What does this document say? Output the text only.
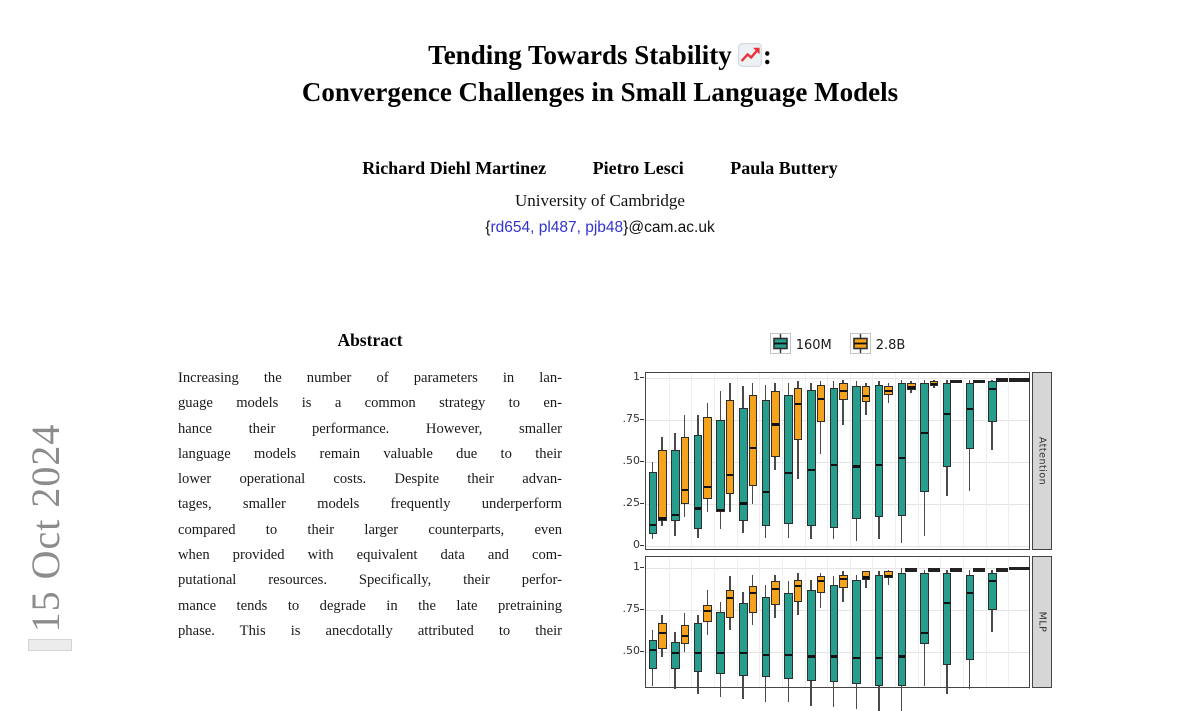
Tending Towards Stability :
Convergence Challenges in Small Language Models
Richard Diehl Martinez	Pietro Lesci	Paula Buttery
University of Cambridge
{rd654, pl487, pjb48}@cam.ac.uk
15 Oct 2024
Abstract
Increasing the number of parameters in lan-
guage models is a common strategy to en-
hance their performance. However, smaller
language models remain valuable due to their
lower operational costs. Despite their advan-
tages, smaller models frequently underperform
compared to their larger counterparts, even
when provided with equivalent data and com-
putational resources. Specifically, their perfor-
mance tends to degrade in the late pretraining
phase. This is anecdotally attributed to their
160M	2.8B
1
.75
.50
.25
0
Attention
1
.75
.50
MLP
